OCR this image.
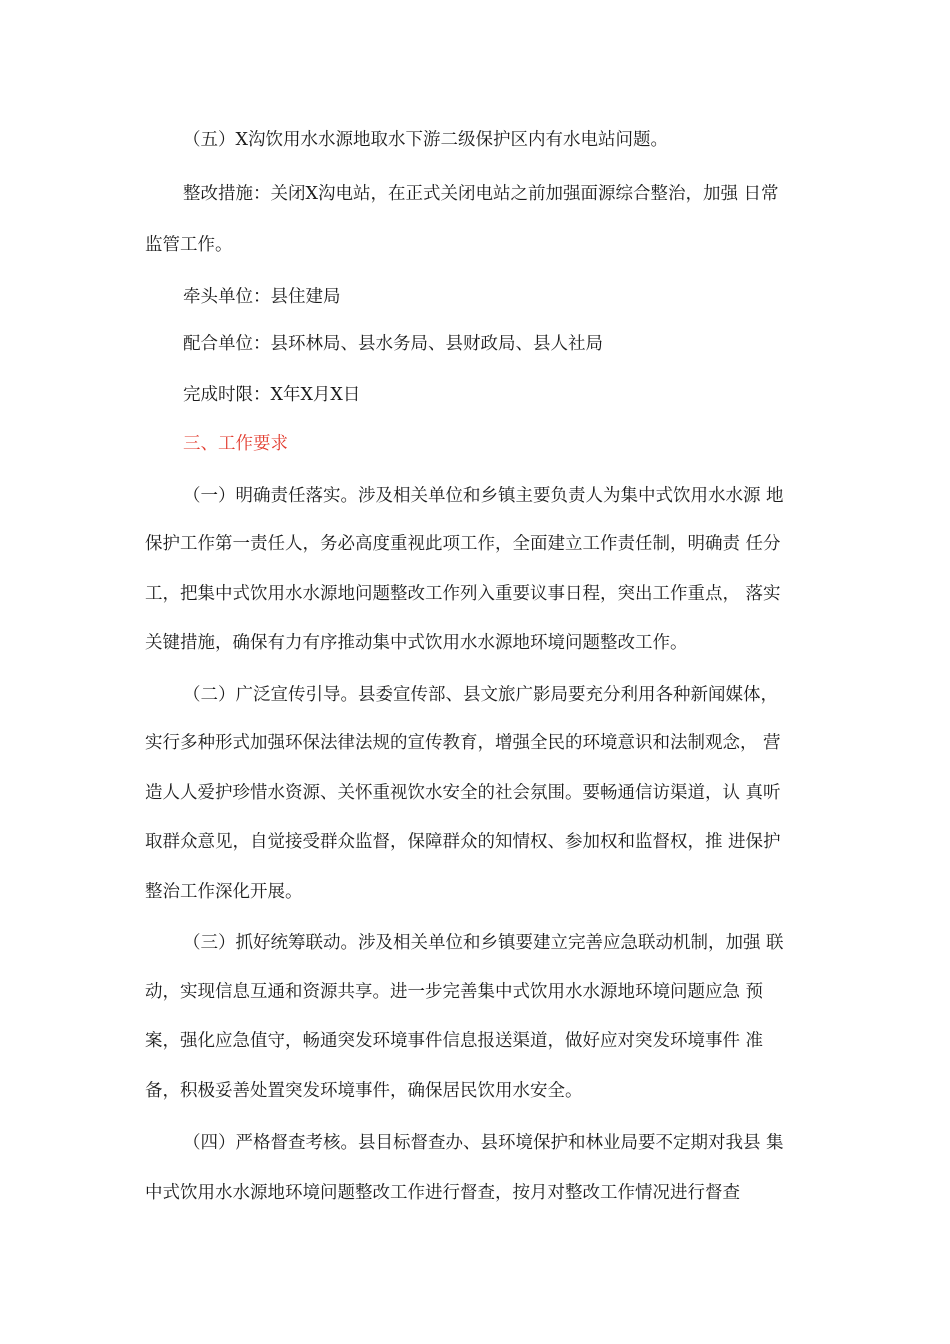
（五）X沟饮用水水源地取水下游二级保护区内有水电站问题。

整改措施：关闭X沟电站，在正式关闭电站之前加强面源综合整治，加强 日常

监管工作。

牵头单位：县住建局

配合单位：县环林局、县水务局、县财政局、县人社局

完成时限：X年X月X日

三、工作要求

（一）明确责任落实。涉及相关单位和乡镇主要负责人为集中式饮用水水源 地

保护工作第一责任人，务必高度重视此项工作，全面建立工作责任制，明确责 任分

工，把集中式饮用水水源地问题整改工作列入重要议事日程，突出工作重点， 落实

关键措施，确保有力有序推动集中式饮用水水源地环境问题整改工作。

（二）广泛宣传引导。县委宣传部、县文旅广影局要充分利用各种新闻媒体，

实行多种形式加强环保法律法规的宣传教育，增强全民的环境意识和法制观念， 营

造人人爱护珍惜水资源、关怀重视饮水安全的社会氛围。要畅通信访渠道，认 真听

取群众意见，自觉接受群众监督，保障群众的知情权、参加权和监督权，推 进保护

整治工作深化开展。

（三）抓好统筹联动。涉及相关单位和乡镇要建立完善应急联动机制，加强 联

动，实现信息互通和资源共享。进一步完善集中式饮用水水源地环境问题应急 预

案，强化应急值守，畅通突发环境事件信息报送渠道，做好应对突发环境事件 准

备，积极妥善处置突发环境事件，确保居民饮用水安全。

（四）严格督查考核。县目标督查办、县环境保护和林业局要不定期对我县 集

中式饮用水水源地环境问题整改工作进行督查，按月对整改工作情况进行督查
